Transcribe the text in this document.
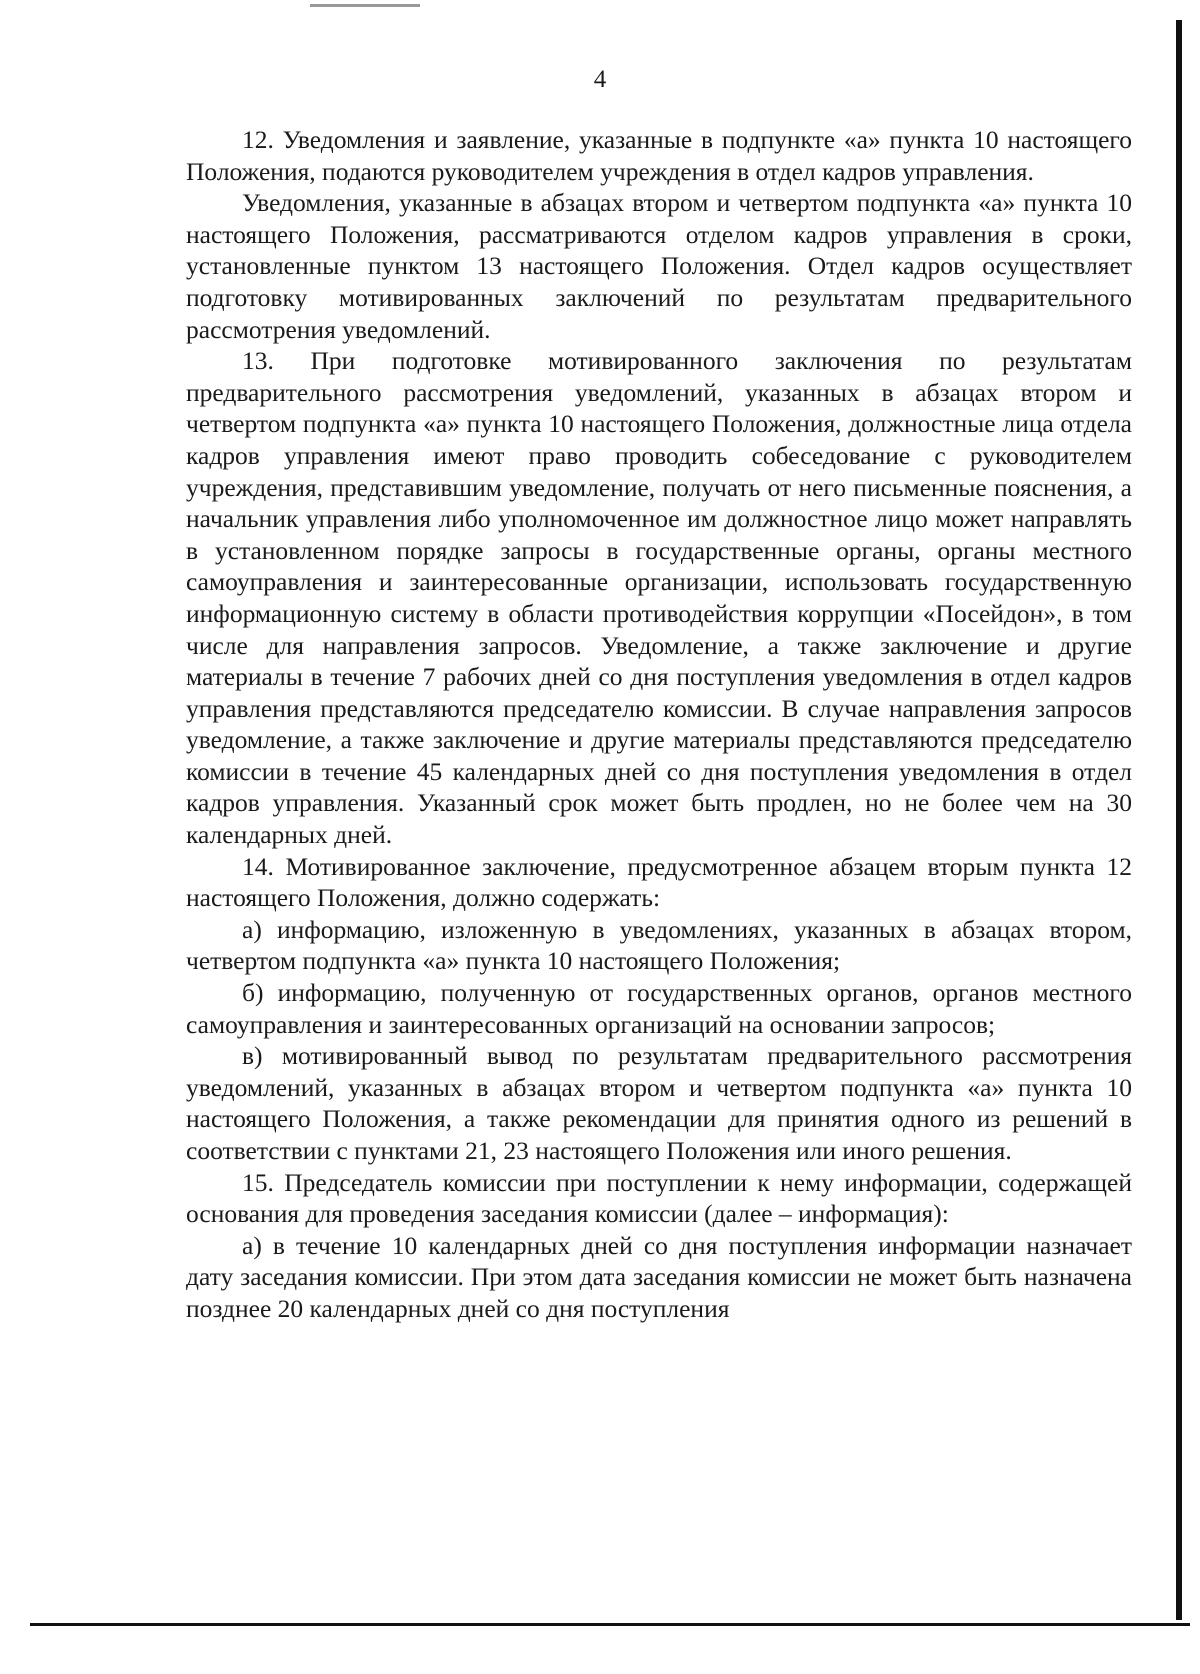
4

12. Уведомления и заявление, указанные в подпункте «а» пункта 10 настоящего Положения, подаются руководителем учреждения в отдел кадров управления.

Уведомления, указанные в абзацах втором и четвертом подпункта «а» пункта 10 настоящего Положения, рассматриваются отделом кадров управления в сроки, установленные пунктом 13 настоящего Положения. Отдел кадров осуществляет подготовку мотивированных заключений по результатам предварительного рассмотрения уведомлений.

13. При подготовке мотивированного заключения по результатам предварительного рассмотрения уведомлений, указанных в абзацах втором и четвертом подпункта «а» пункта 10 настоящего Положения, должностные лица отдела кадров управления имеют право проводить собеседование с руководителем учреждения, представившим уведомление, получать от него письменные пояснения, а начальник управления либо уполномоченное им должностное лицо может направлять в установленном порядке запросы в государственные органы, органы местного самоуправления и заинтересованные организации, использовать государственную информационную систему в области противодействия коррупции «Посейдон», в том числе для направления запросов. Уведомление, а также заключение и другие материалы в течение 7 рабочих дней со дня поступления уведомления в отдел кадров управления представляются председателю комиссии. В случае направления запросов уведомление, а также заключение и другие материалы представляются председателю комиссии в течение 45 календарных дней со дня поступления уведомления в отдел кадров управления. Указанный срок может быть продлен, но не более чем на 30 календарных дней.

14. Мотивированное заключение, предусмотренное абзацем вторым пункта 12 настоящего Положения, должно содержать:

а) информацию, изложенную в уведомлениях, указанных в абзацах втором, четвертом подпункта «а» пункта 10 настоящего Положения;

б) информацию, полученную от государственных органов, органов местного самоуправления и заинтересованных организаций на основании запросов;

в) мотивированный вывод по результатам предварительного рассмотрения уведомлений, указанных в абзацах втором и четвертом подпункта «а» пункта 10 настоящего Положения, а также рекомендации для принятия одного из решений в соответствии с пунктами 21, 23 настоящего Положения или иного решения.

15. Председатель комиссии при поступлении к нему информации, содержащей основания для проведения заседания комиссии (далее – информация):

а) в течение 10 календарных дней со дня поступления информации назначает дату заседания комиссии. При этом дата заседания комиссии не может быть назначена позднее 20 календарных дней со дня поступления
